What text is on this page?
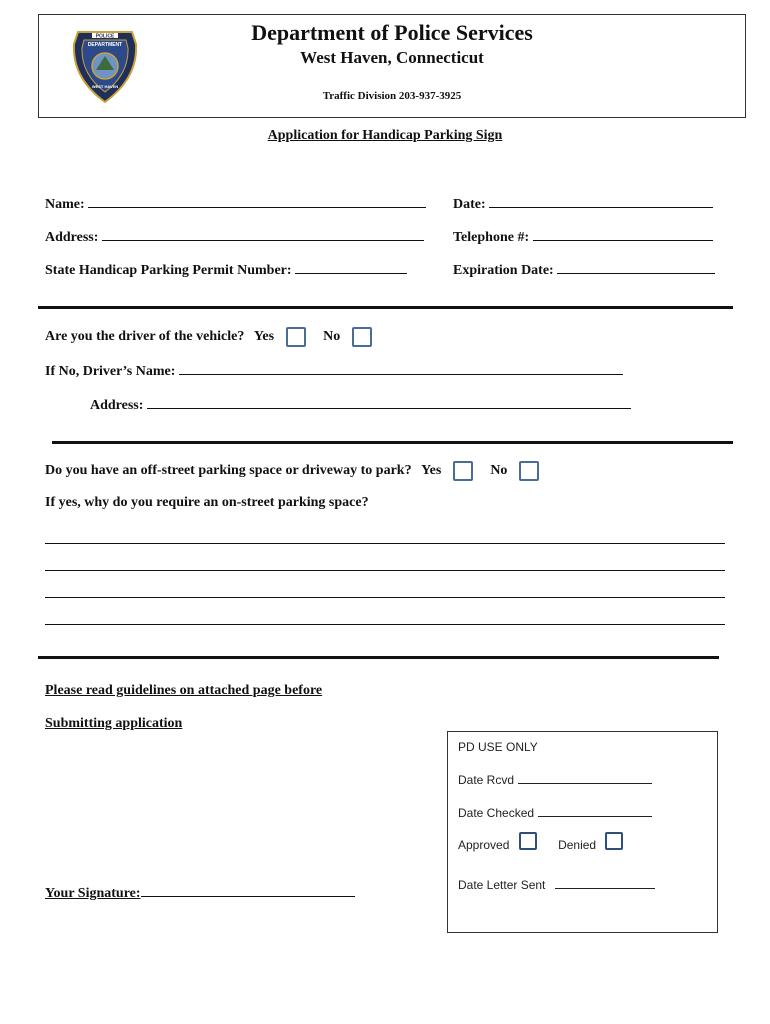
POLICE
DEPARTMENT
WEST HAVEN
Department of Police Services
West Haven, Connecticut
Traffic Division 203-937-3925
Application for Handicap Parking Sign
Name:	Date:
Address:	Telephone #:
State Handicap Parking Permit Number:	Expiration Date:
Are you the driver of the vehicle? Yes	No
If No, Driver’s Name:
Address:
Do you have an off-street parking space or driveway to park? Yes	No
If yes, why do you require an on-street parking space?
Please read guidelines on attached page before
Submitting application
Your Signature:
PD USE ONLY
Date Rcvd
Date Checked
Approved	Denied
Date Letter Sent
